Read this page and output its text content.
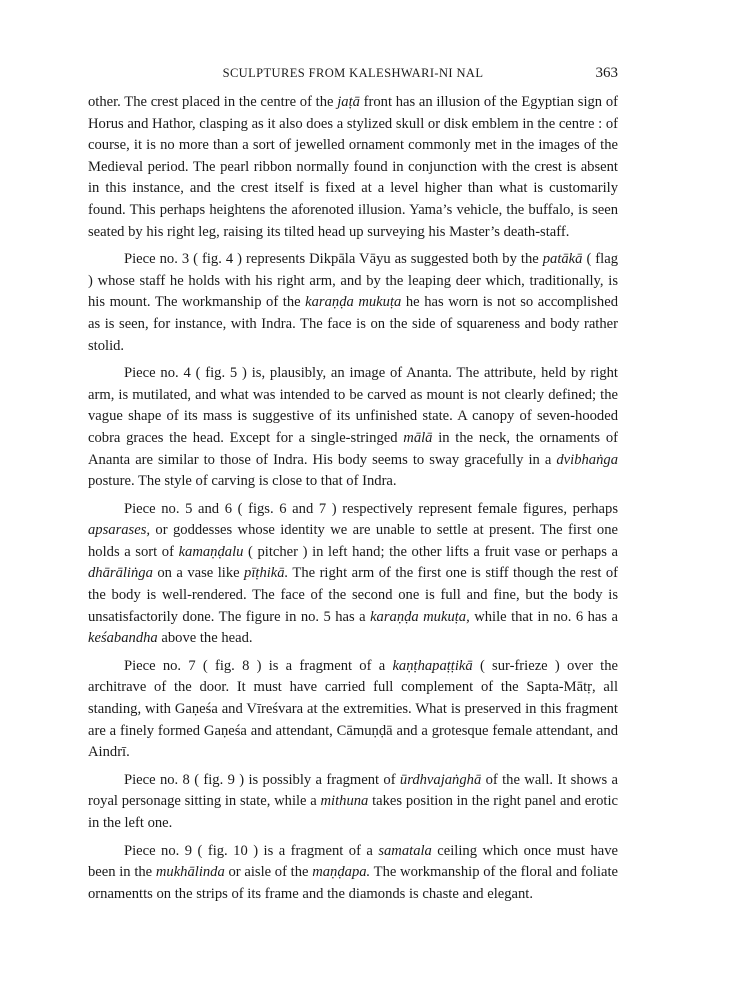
SCULPTURES FROM KALESHWARI-NI NAL	363

other. The crest placed in the centre of the jaṭā front has an illusion of the Egyptian sign of Horus and Hathor, clasping as it also does a stylized skull or disk emblem in the centre : of course, it is no more than a sort of jewelled ornament commonly met in the images of the Medieval period. The pearl ribbon normally found in conjunction with the crest is absent in this instance, and the crest itself is fixed at a level higher than what is customarily found. This perhaps heightens the aforenoted illusion. Yama’s vehicle, the buffalo, is seen seated by his right leg, raising its tilted head up surveying his Master’s death-staff.

Piece no. 3 ( fig. 4 ) represents Dikpāla Vāyu as suggested both by the patākā ( flag ) whose staff he holds with his right arm, and by the leaping deer which, traditionally, is his mount. The workmanship of the karaṇḍa mukuṭa he has worn is not so accomplished as is seen, for instance, with Indra. The face is on the side of squareness and body rather stolid.

Piece no. 4 ( fig. 5 ) is, plausibly, an image of Ananta. The attribute, held by right arm, is mutilated, and what was intended to be carved as mount is not clearly defined; the vague shape of its mass is suggestive of its unfinished state. A canopy of seven-hooded cobra graces the head. Except for a single-stringed mālā in the neck, the ornaments of Ananta are similar to those of Indra. His body seems to sway gracefully in a dvibhaṅga posture. The style of carving is close to that of Indra.

Piece no. 5 and 6 ( figs. 6 and 7 ) respectively represent female figures, perhaps apsarases, or goddesses whose identity we are unable to settle at present. The first one holds a sort of kamaṇḍalu ( pitcher ) in left hand; the other lifts a fruit vase or perhaps a dhārāliṅga on a vase like pīṭhikā. The right arm of the first one is stiff though the rest of the body is well-rendered. The face of the second one is full and fine, but the body is unsatisfactorily done. The figure in no. 5 has a karaṇḍa mukuṭa, while that in no. 6 has a keśabandha above the head.

Piece no. 7 ( fig. 8 ) is a fragment of a kaṇṭhapaṭṭikā ( sur-frieze ) over the architrave of the door. It must have carried full complement of the Sapta-Mātṛ, all standing, with Gaṇeśa and Vīreśvara at the extremities. What is preserved in this fragment are a finely formed Gaṇeśa and attendant, Cāmuṇḍā and a grotesque female attendant, and Aindrī.

Piece no. 8 ( fig. 9 ) is possibly a fragment of ūrdhvajaṅghā of the wall. It shows a royal personage sitting in state, while a mithuna takes position in the right panel and erotic in the left one.

Piece no. 9 ( fig. 10 ) is a fragment of a samatala ceiling which once must have been in the mukhālinda or aisle of the maṇḍapa. The workmanship of the floral and foliate ornamentts on the strips of its frame and the diamonds is chaste and elegant.
